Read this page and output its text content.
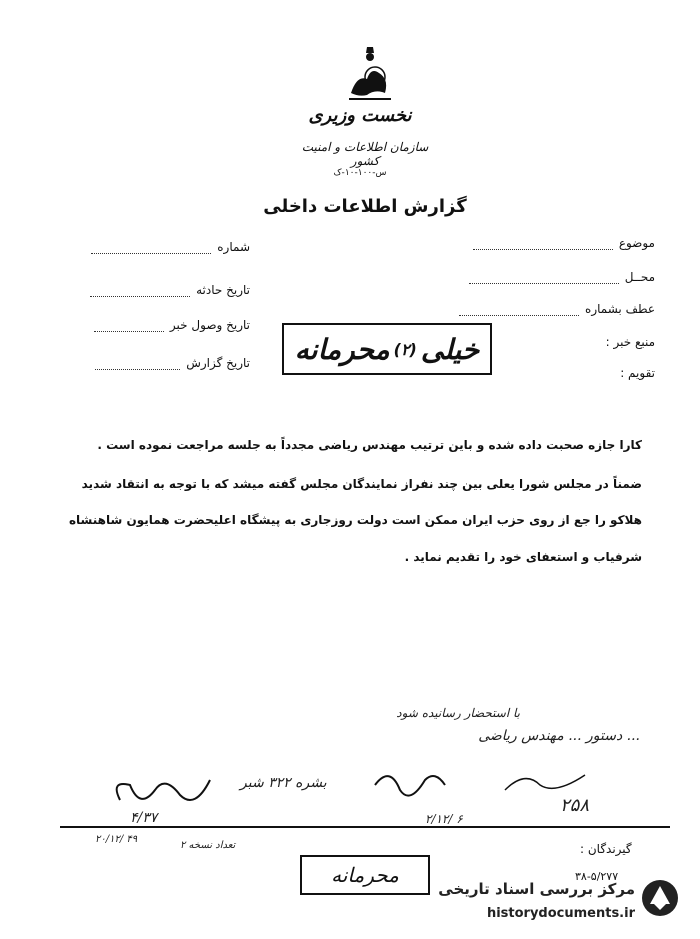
نخست وزیری
سازمان اطلاعات و امنیت کشور
س-۱۰۰-۱۰-ک
گزارش اطلاعات داخلی
موضوع
محــل
عطف بشماره
منبع خبر :
تقویم :
شماره
تاریخ حادثه
تاریخ وصول خبر
تاریخ گزارش	خیلی
(۲)
محرمانه
کارا جازه صحبت داده شده و باین ترتیب مهندس ریاضی مجدداً به جلسه مراجعت نموده است .
ضمناً در مجلس شورا یعلی بین چند نفراز نمایندگان مجلس گفته میشد که با توجه به انتقاد شدید
هلاکو را جع از روی حزب ایران ممکن است دولت روزجاری به پیشگاه اعلیحضرت همایون شاهنشاه
شرفیاب و استعفای خود را تقدیم نماید .
با استحضار رسانیده شود
... دستور ... مهندس ریاضی
بشره ۳۲۲ شبر
۲۵۸
۴/۳۷	۲/۱۲/ ۶
۲۰/۱۲/ ۴۹
تعداد نسخه ۲	گیرندگان :
۳۸-۵/۲۷۷
محرمانه
مرکز بررسی اسناد تاریخی
historydocuments.ir
